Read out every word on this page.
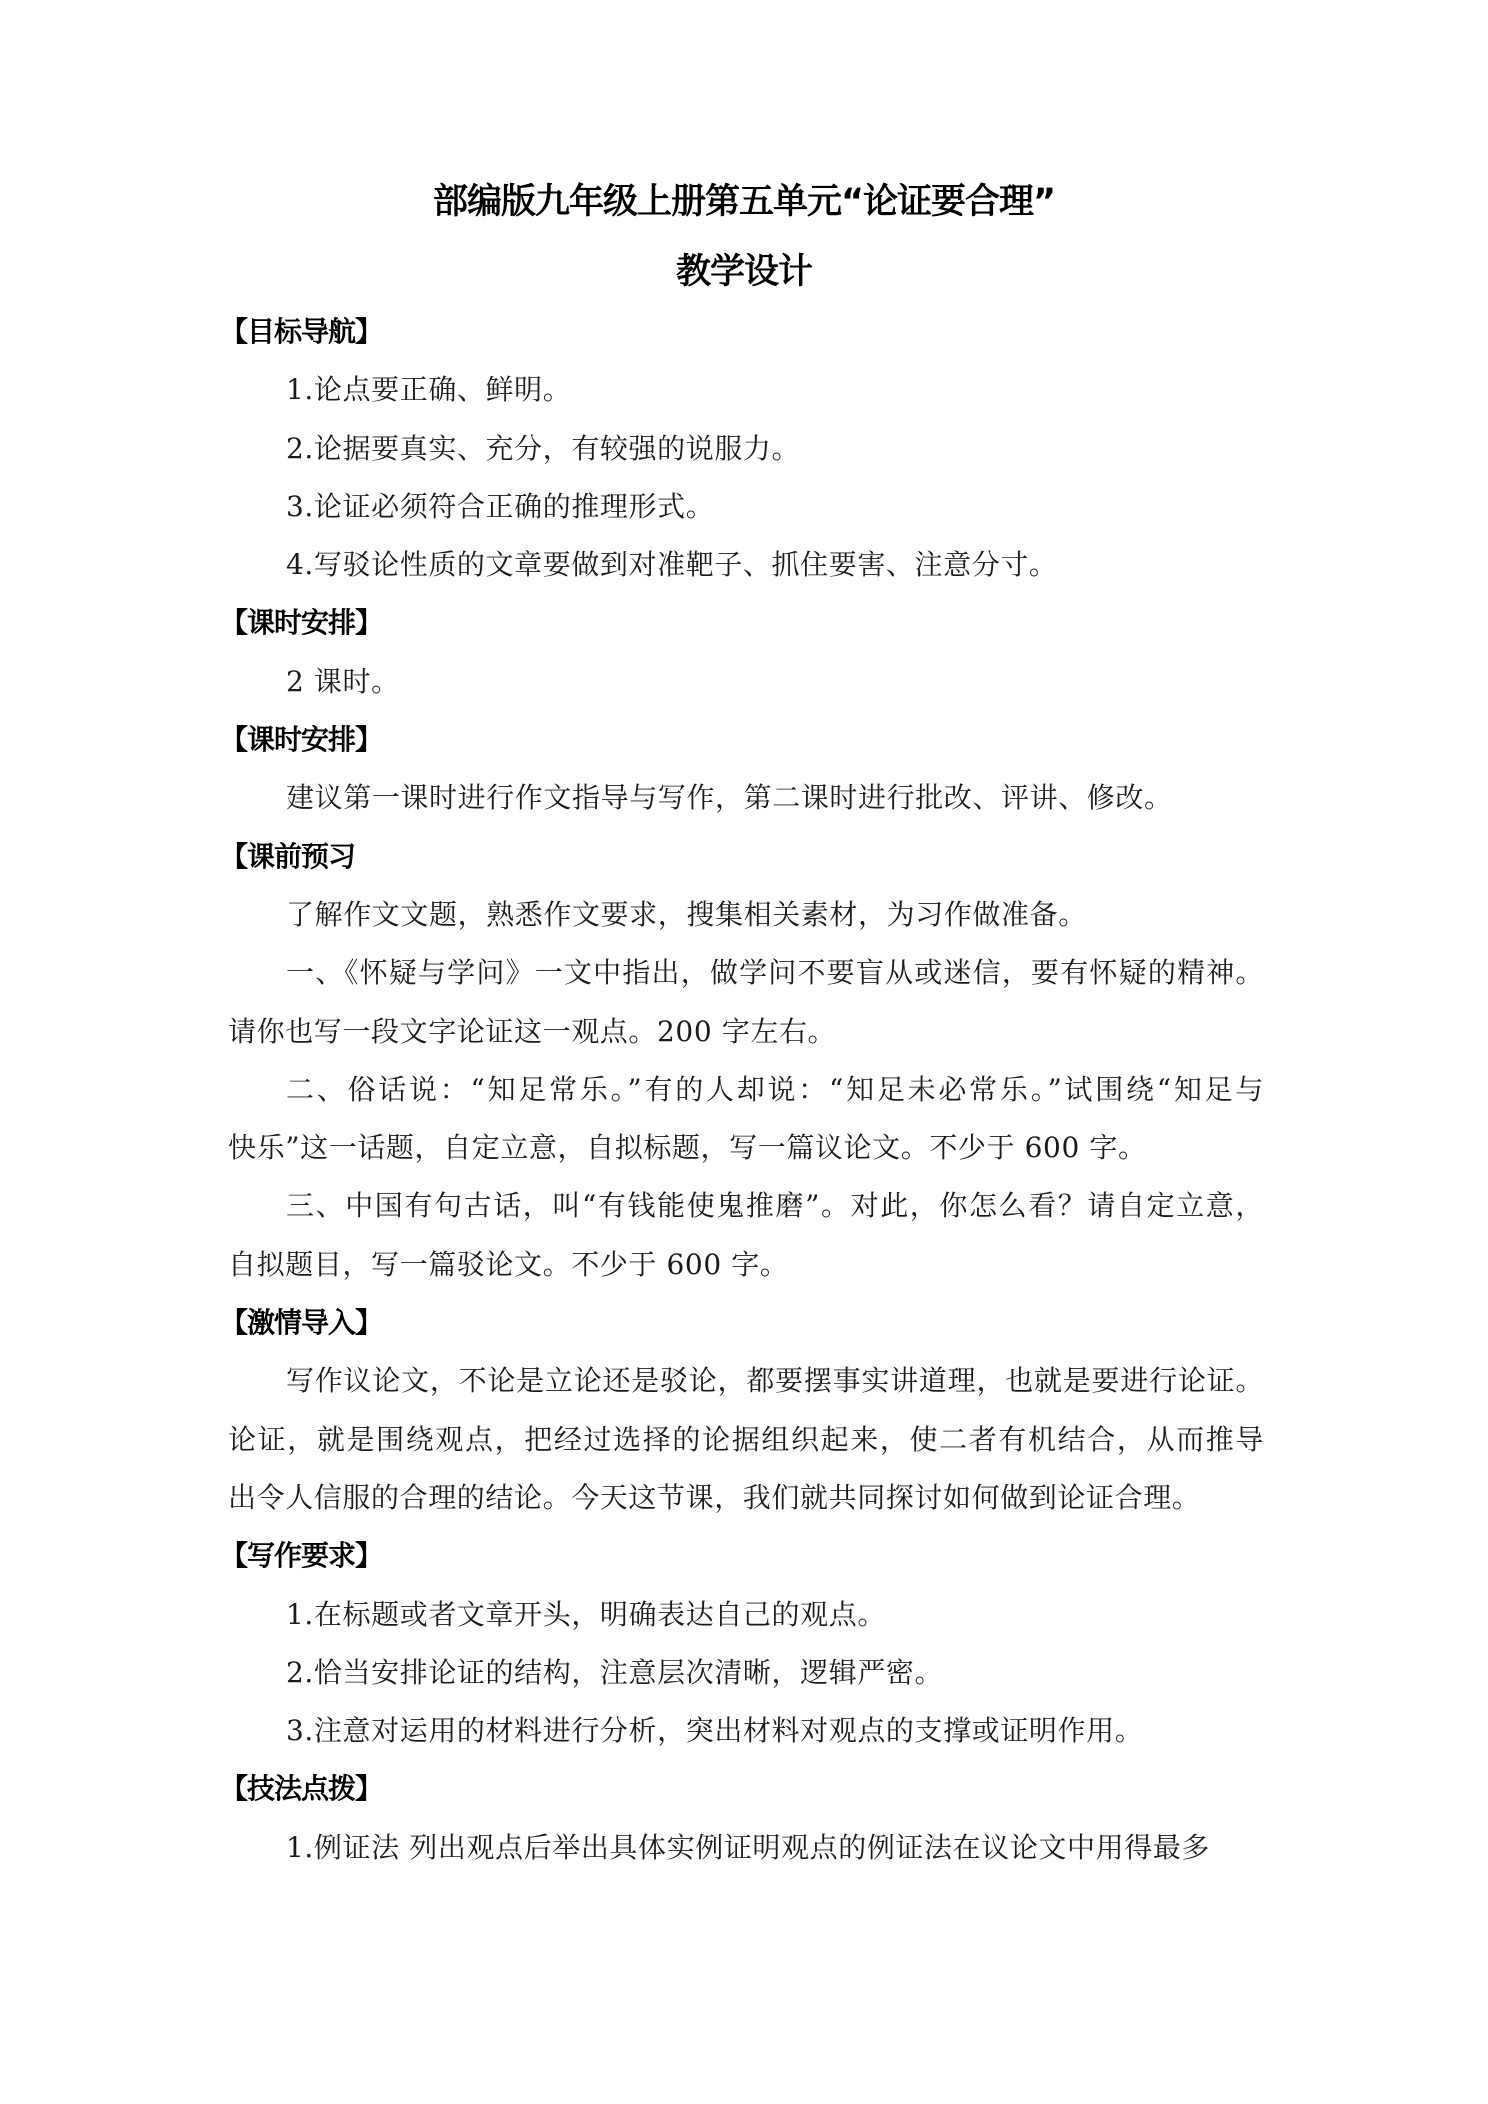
部编版九年级上册第五单元“论证要合理”
教学设计
【目标导航】
1.论点要正确、鲜明。
2.论据要真实、充分，有较强的说服力。
3.论证必须符合正确的推理形式。
4.写驳论性质的文章要做到对准靶子、抓住要害、注意分寸。
【课时安排】
2 课时。
【课时安排】
建议第一课时进行作文指导与写作，第二课时进行批改、评讲、修改。
【课前预习
了解作文文题，熟悉作文要求，搜集相关素材，为习作做准备。
一、《怀疑与学问》一文中指出，做学问不要盲从或迷信，要有怀疑的精神。
请你也写一段文字论证这一观点。200 字左右。
二、俗话说：“知足常乐。”有的人却说：“知足未必常乐。”试围绕“知足与
快乐”这一话题，自定立意，自拟标题，写一篇议论文。不少于 600 字。
三、中国有句古话，叫“有钱能使鬼推磨”。对此，你怎么看？请自定立意，
自拟题目，写一篇驳论文。不少于 600 字。
【激情导入】
写作议论文，不论是立论还是驳论，都要摆事实讲道理，也就是要进行论证。
论证，就是围绕观点，把经过选择的论据组织起来，使二者有机结合，从而推导
出令人信服的合理的结论。今天这节课，我们就共同探讨如何做到论证合理。
【写作要求】
1.在标题或者文章开头，明确表达自己的观点。
2.恰当安排论证的结构，注意层次清晰，逻辑严密。
3.注意对运用的材料进行分析，突出材料对观点的支撑或证明作用。
【技法点拨】
1.例证法 列出观点后举出具体实例证明观点的例证法在议论文中用得最多
